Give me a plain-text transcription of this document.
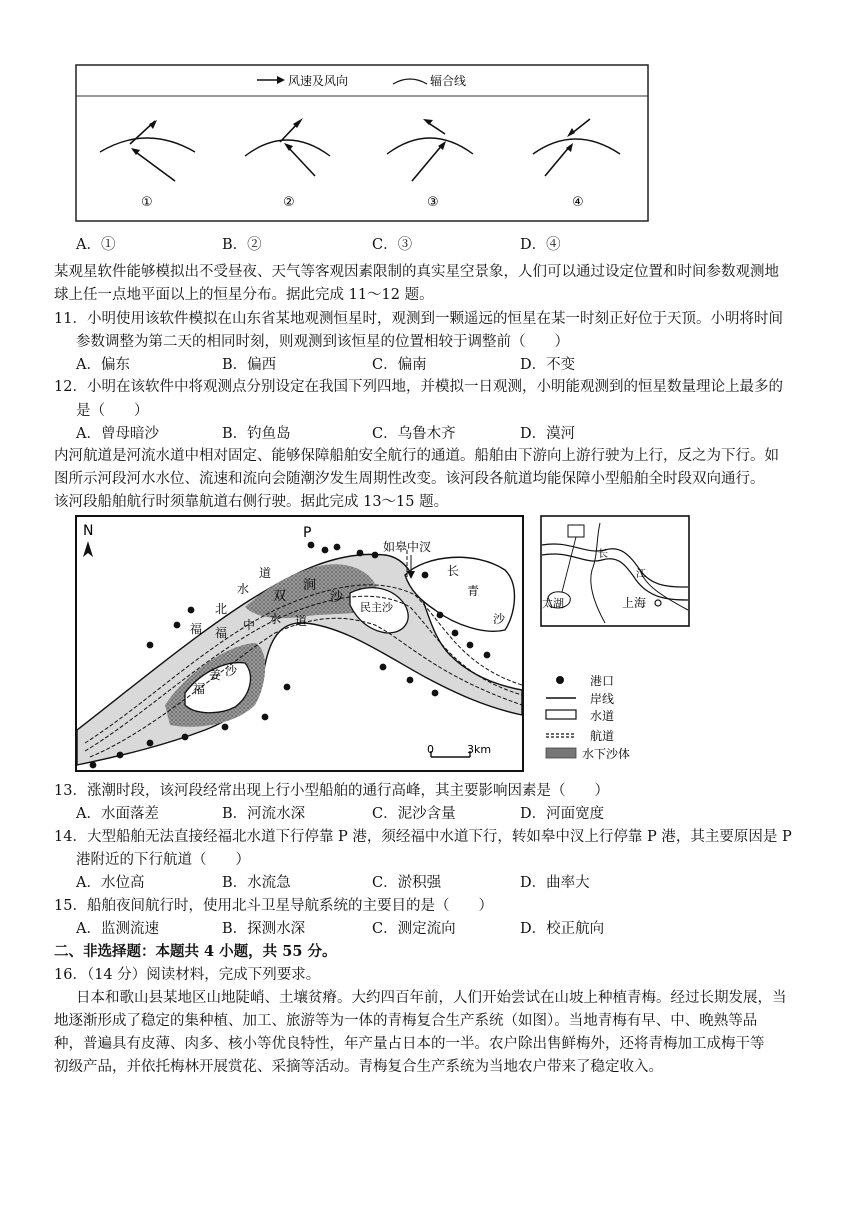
风速及风向	辐合线
①	②	③	④
A．①	B．②	C．③	D．④
某观星软件能够模拟出不受昼夜、天气等客观因素限制的真实星空景象，人们可以通过设定位置和时间参数观测地
球上任一点地平面以上的恒星分布。据此完成 11～12 题。
11．小明使用该软件模拟在山东省某地观测恒星时，观测到一颗遥远的恒星在某一时刻正好位于天顶。小明将时间
参数调整为第二天的相同时刻，则观测到该恒星的位置相较于调整前（　　）
A．偏东	B．偏西	C．偏南	D．不变
12．小明在该软件中将观测点分别设定在我国下列四地，并模拟一日观测，小明能观测到的恒星数量理论上最多的
是（　　）
A．曾母暗沙	B．钓鱼岛	C．乌鲁木齐	D．漠河
内河航道是河流水道中相对固定、能够保障船舶安全航行的通道。船舶由下游向上游行驶为上行，反之为下行。如
图所示河段河水水位、流速和流向会随潮汐发生周期性改变。该河段各航道均能保障小型船舶全时段双向通行。
该河段船舶航行时须靠航道右侧行驶。据此完成 13～15 题。
N	P
如皋中汊
长
青
沙
双
涧
沙
民主沙
福
北
水
道
福
中 水 道
福
姜 沙
0	3km
太湖	上海
长
江
港口
岸线
水道
航道
水下沙体
13．涨潮时段，该河段经常出现上行小型船舶的通行高峰，其主要影响因素是（　　）
A．水面落差	B．河流水深	C．泥沙含量	D．河面宽度
14．大型船舶无法直接经福北水道下行停靠 P 港，须经福中水道下行，转如皋中汊上行停靠 P 港，其主要原因是 P
港附近的下行航道（　　）
A．水位高	B．水流急	C．淤积强	D．曲率大
15．船舶夜间航行时，使用北斗卫星导航系统的主要目的是（　　）
A．监测流速	B．探测水深	C．测定流向	D．校正航向
二、非选择题：本题共 4 小题，共 55 分。
16．（14 分）阅读材料，完成下列要求。
日本和歌山县某地区山地陡峭、土壤贫瘠。大约四百年前，人们开始尝试在山坡上种植青梅。经过长期发展，当
地逐渐形成了稳定的集种植、加工、旅游等为一体的青梅复合生产系统（如图）。当地青梅有早、中、晚熟等品
种，普遍具有皮薄、肉多、核小等优良特性，年产量占日本的一半。农户除出售鲜梅外，还将青梅加工成梅干等
初级产品，并依托梅林开展赏花、采摘等活动。青梅复合生产系统为当地农户带来了稳定收入。
